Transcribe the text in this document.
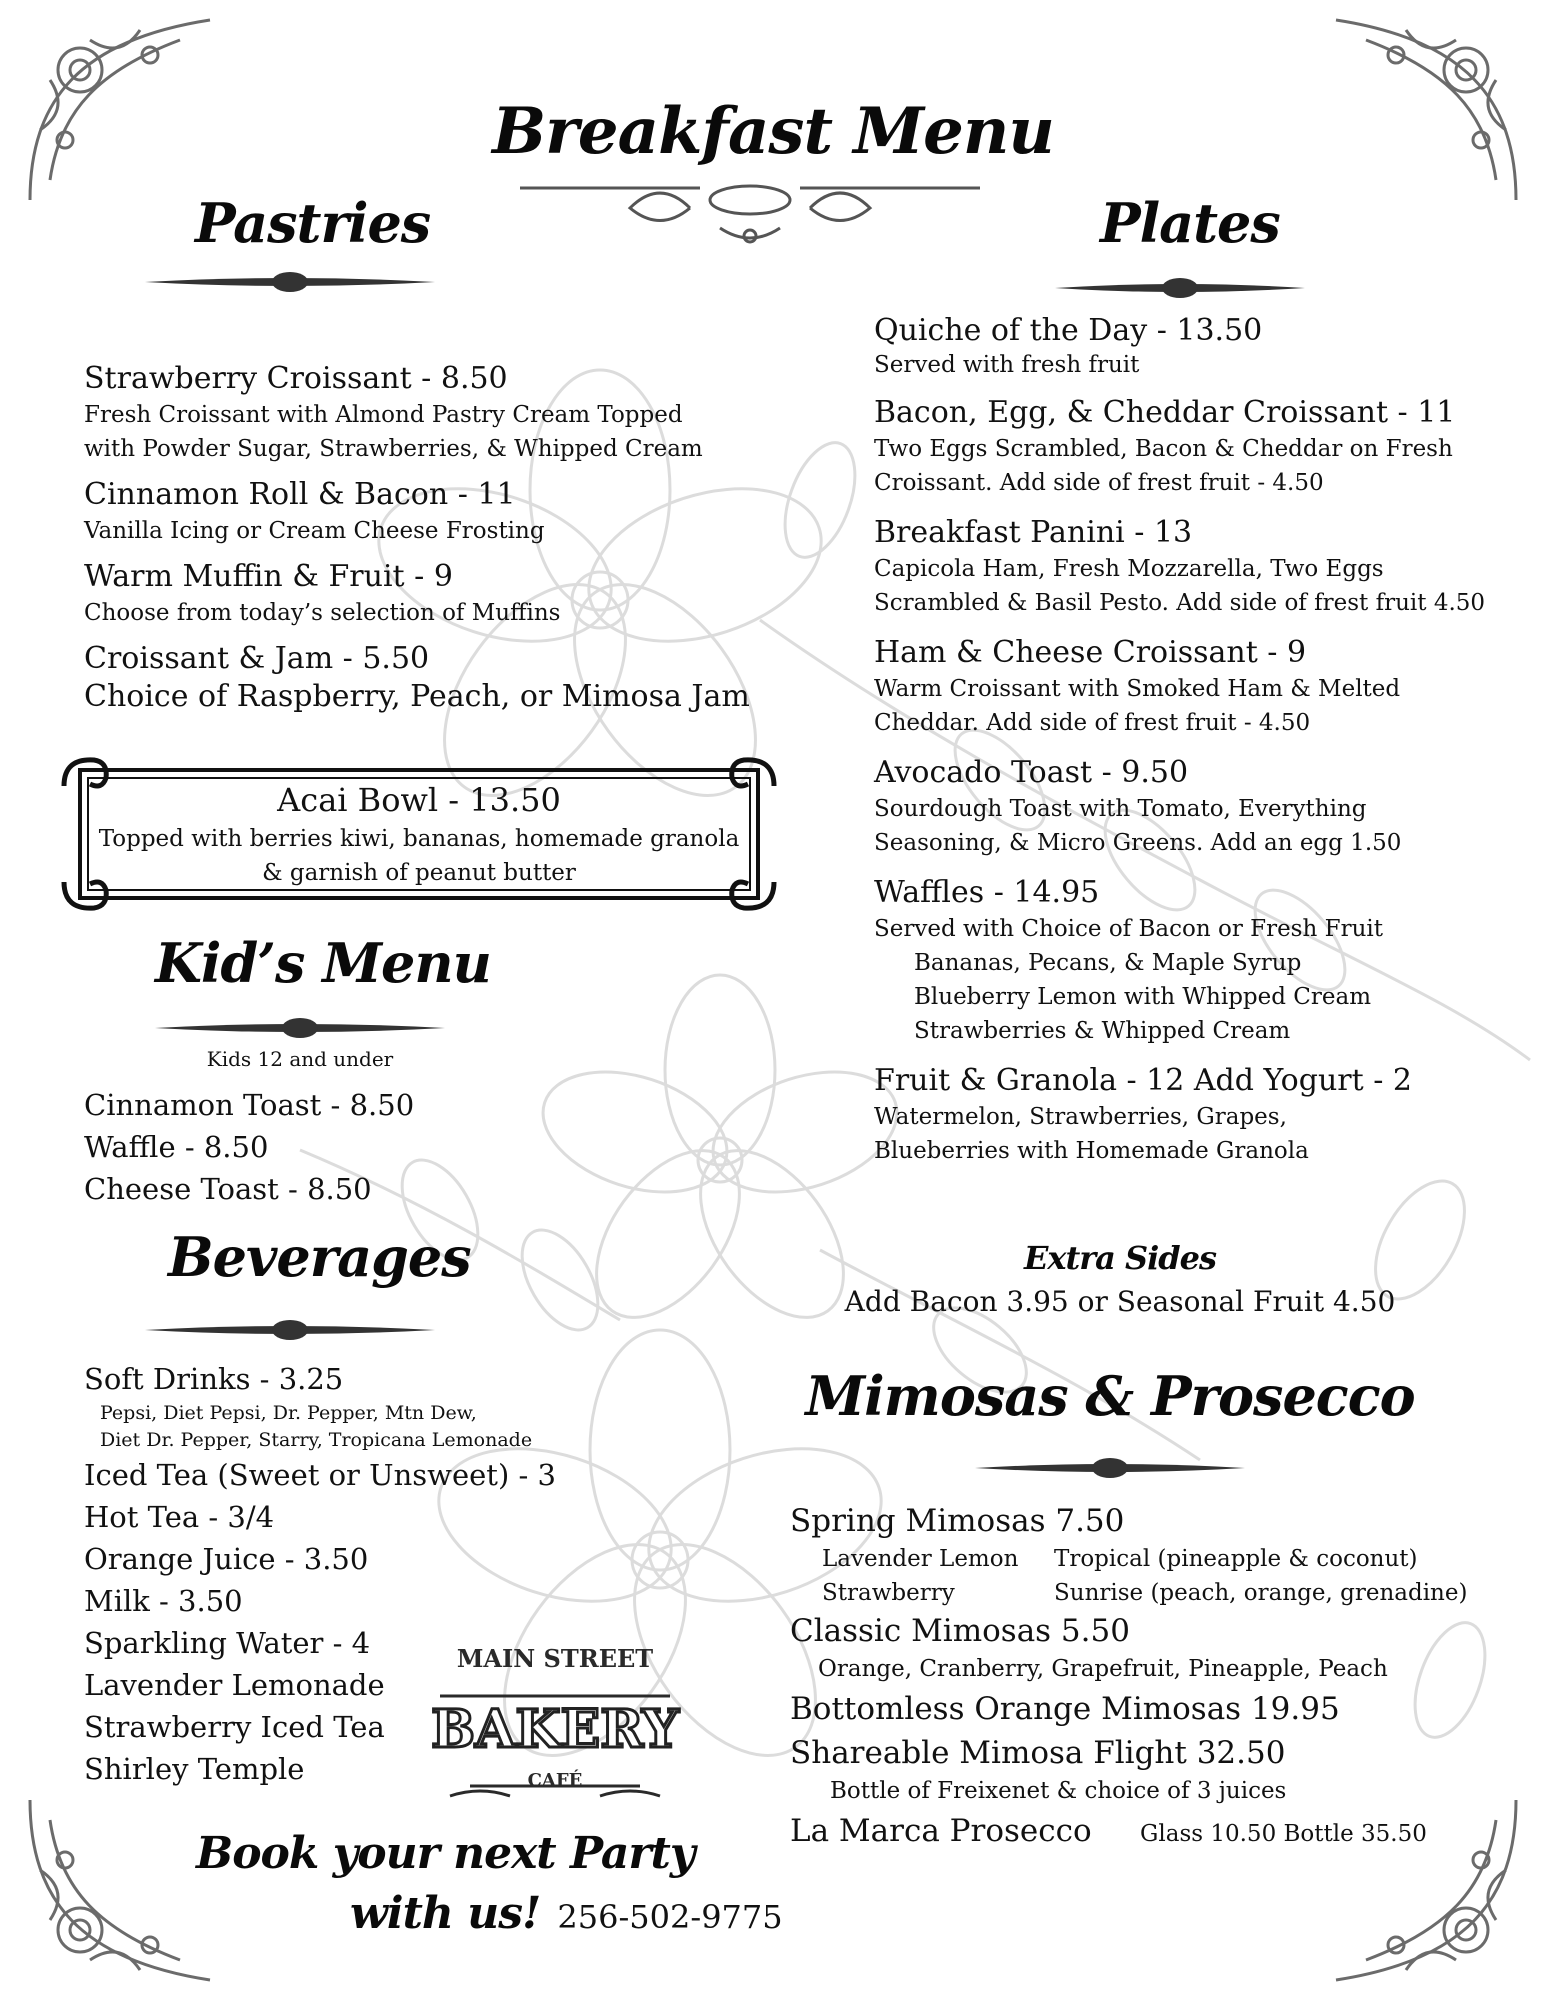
Breakfast Menu
Pastries
Strawberry Croissant - 8.50
Fresh Croissant with Almond Pastry Cream Topped
with Powder Sugar, Strawberries, & Whipped Cream
Cinnamon Roll & Bacon - 11
Vanilla Icing or Cream Cheese Frosting
Warm Muffin & Fruit - 9
Choose from today’s selection of Muffins
Croissant & Jam - 5.50
Choice of Raspberry, Peach, or Mimosa Jam
Acai Bowl - 13.50
Topped with berries kiwi, bananas, homemade granola
& garnish of peanut butter
Kid’s Menu
Kids 12 and under
Cinnamon Toast - 8.50
Waffle - 8.50
Cheese Toast - 8.50
Beverages
Soft Drinks - 3.25
Pepsi, Diet Pepsi, Dr. Pepper, Mtn Dew,
Diet Dr. Pepper, Starry, Tropicana Lemonade
Iced Tea (Sweet or Unsweet) - 3
Hot Tea - 3/4
Orange Juice - 3.50
Milk - 3.50
Sparkling Water - 4
Lavender Lemonade
Strawberry Iced Tea
Shirley Temple
MAIN STREET
BAKERY
CAFÉ
Book your next Party
with us! 256-502-9775
Plates
Quiche of the Day - 13.50
Served with fresh fruit
Bacon, Egg, & Cheddar Croissant - 11
Two Eggs Scrambled, Bacon & Cheddar on Fresh
Croissant. Add side of frest fruit - 4.50
Breakfast Panini - 13
Capicola Ham, Fresh Mozzarella, Two Eggs
Scrambled & Basil Pesto. Add side of frest fruit 4.50
Ham & Cheese Croissant - 9
Warm Croissant with Smoked Ham & Melted
Cheddar. Add side of frest fruit - 4.50
Avocado Toast - 9.50
Sourdough Toast with Tomato, Everything
Seasoning, & Micro Greens. Add an egg 1.50
Waffles - 14.95
Served with Choice of Bacon or Fresh Fruit
Bananas, Pecans, & Maple Syrup
Blueberry Lemon with Whipped Cream
Strawberries & Whipped Cream
Fruit & Granola - 12 Add Yogurt - 2
Watermelon, Strawberries, Grapes,
Blueberries with Homemade Granola
Extra Sides
Add Bacon 3.95 or Seasonal Fruit 4.50
Mimosas & Prosecco
Spring Mimosas 7.50
Lavender Lemon
Strawberry
Tropical (pineapple & coconut)
Sunrise (peach, orange, grenadine)
Classic Mimosas 5.50
Orange, Cranberry, Grapefruit, Pineapple, Peach
Bottomless Orange Mimosas 19.95
Shareable Mimosa Flight 32.50
Bottle of Freixenet & choice of 3 juices
La Marca Prosecco	Glass 10.50 Bottle 35.50
